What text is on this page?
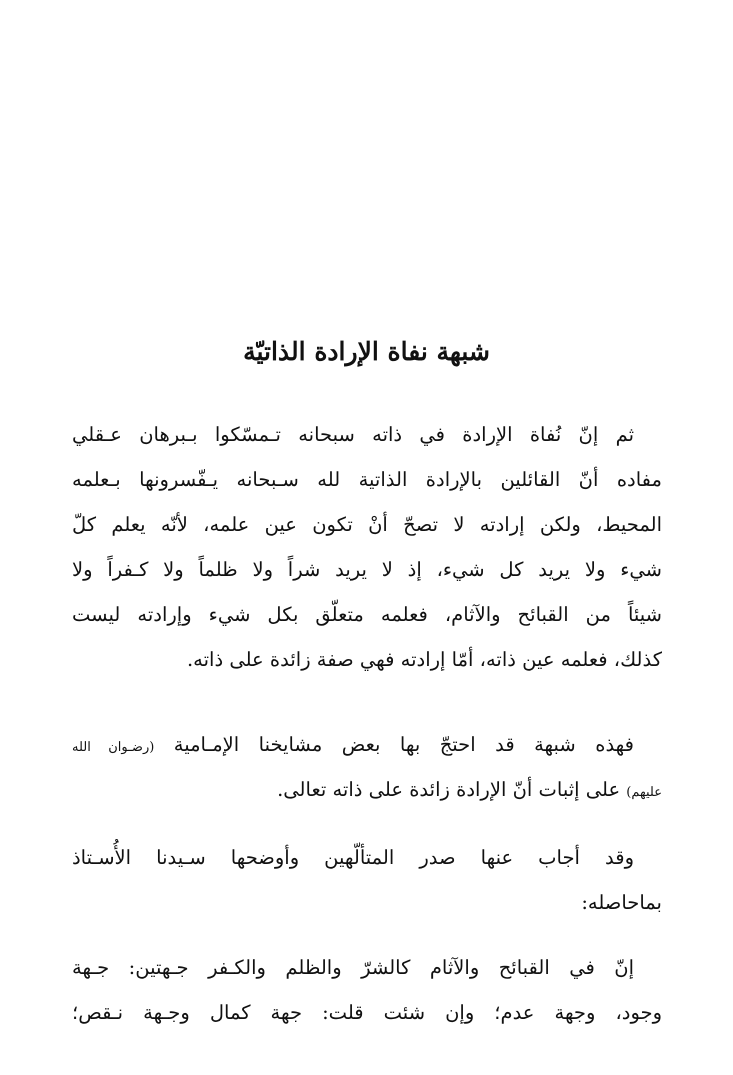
شبهة نفاة الإرادة الذاتيّة
ثم إنّ نُفاة الإرادة في ذاته سبحانه تـمسّكوا بـبرهان عـقلي
مفاده أنّ القائلين بالإرادة الذاتية لله سـبحانه يـفّسرونها بـعلمه
المحيط، ولكن إرادته لا تصحّ أنْ تكون عين علمه، لأنّه يعلم كلّ
شيء ولا يريد كل شيء، إذ لا يريد شراً ولا ظلماً ولا كـفراً ولا
شيئاً من القبائح والآثام، فعلمه متعلّق بكل شيء وإرادته ليست
كذلك، فعلمه عين ذاته، أمّا إرادته فهي صفة زائدة على ذاته.
فهذه شبهة قد احتجّ بها بعض مشايخنا الإمـامية (رضـوان الله
عليهم) على إثبات أنّ الإرادة زائدة على ذاته تعالى.
وقد أجاب عنها صدر المتألّهين وأوضحها سـيدنا الأُسـتاذ
بماحاصله:
إنّ في القبائح والآثام كالشرّ والظلم والكـفر جـهتين: جـهة
وجود، وجهة عدم؛ وإن شئت قلت: جهة كمال وجـهة نـقص؛
